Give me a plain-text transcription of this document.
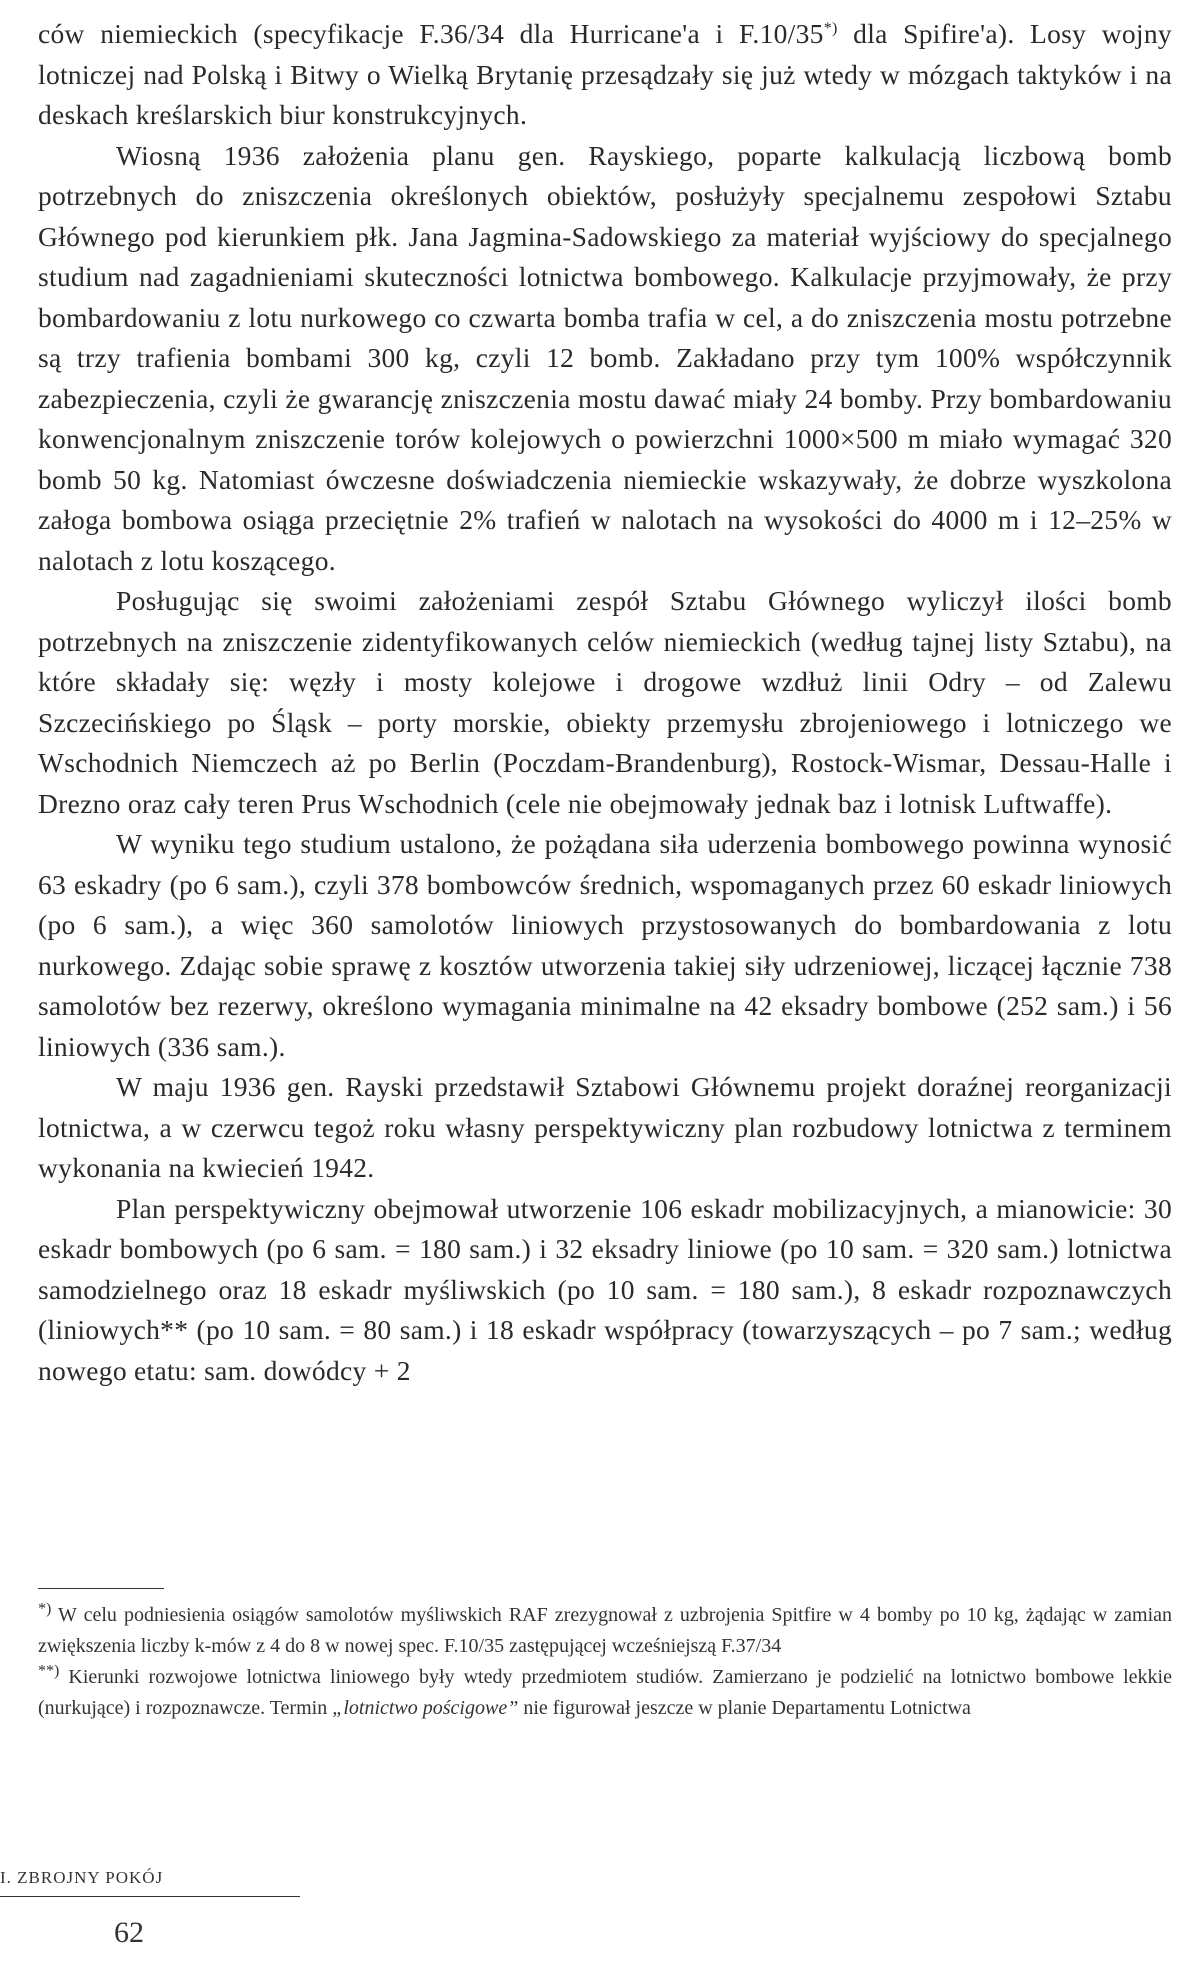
ców niemieckich (specyfikacje F.36/34 dla Hurricane'a i F.10/35*) dla Spifire'a). Losy wojny lotniczej nad Polską i Bitwy o Wielką Brytanię przesądzały się już wtedy w mózgach taktyków i na deskach kreślarskich biur konstrukcyjnych.

Wiosną 1936 założenia planu gen. Rayskiego, poparte kalkulacją liczbową bomb potrzebnych do zniszczenia określonych obiektów, posłużyły specjalnemu zespołowi Sztabu Głównego pod kierunkiem płk. Jana Jagmina-Sadowskiego za materiał wyjściowy do specjalnego studium nad zagadnieniami skuteczności lotnictwa bombowego. Kalkulacje przyjmowały, że przy bombardowaniu z lotu nurkowego co czwarta bomba trafia w cel, a do zniszczenia mostu potrzebne są trzy trafienia bombami 300 kg, czyli 12 bomb. Zakładano przy tym 100% współczynnik zabezpieczenia, czyli że gwarancję zniszczenia mostu dawać miały 24 bomby. Przy bombardowaniu konwencjonalnym zniszczenie torów kolejowych o powierzchni 1000×500 m miało wymagać 320 bomb 50 kg. Natomiast ówczesne doświadczenia niemieckie wskazywały, że dobrze wyszkolona załoga bombowa osiąga przeciętnie 2% trafień w nalotach na wysokości do 4000 m i 12–25% w nalotach z lotu koszącego.

Posługując się swoimi założeniami zespół Sztabu Głównego wyliczył ilości bomb potrzebnych na zniszczenie zidentyfikowanych celów niemieckich (według tajnej listy Sztabu), na które składały się: węzły i mosty kolejowe i drogowe wzdłuż linii Odry – od Zalewu Szczecińskiego po Śląsk – porty morskie, obiekty przemysłu zbrojeniowego i lotniczego we Wschodnich Niemczech aż po Berlin (Poczdam-Brandenburg), Rostock-Wismar, Dessau-Halle i Drezno oraz cały teren Prus Wschodnich (cele nie obejmowały jednak baz i lotnisk Luftwaffe).

W wyniku tego studium ustalono, że pożądana siła uderzenia bombowego powinna wynosić 63 eskadry (po 6 sam.), czyli 378 bombowców średnich, wspomaganych przez 60 eskadr liniowych (po 6 sam.), a więc 360 samolotów liniowych przystosowanych do bombardowania z lotu nurkowego. Zdając sobie sprawę z kosztów utworzenia takiej siły udrzeniowej, liczącej łącznie 738 samolotów bez rezerwy, określono wymagania minimalne na 42 eksadry bombowe (252 sam.) i 56 liniowych (336 sam.).

W maju 1936 gen. Rayski przedstawił Sztabowi Głównemu projekt doraźnej reorganizacji lotnictwa, a w czerwcu tegoż roku własny perspektywiczny plan rozbudowy lotnictwa z terminem wykonania na kwiecień 1942.

Plan perspektywiczny obejmował utworzenie 106 eskadr mobilizacyjnych, a mianowicie: 30 eskadr bombowych (po 6 sam. = 180 sam.) i 32 eksadry liniowe (po 10 sam. = 320 sam.) lotnictwa samodzielnego oraz 18 eskadr myśliwskich (po 10 sam. = 180 sam.), 8 eskadr rozpoznawczych (liniowych** (po 10 sam. = 80 sam.) i 18 eskadr współpracy (towarzyszących – po 7 sam.; według nowego etatu: sam. dowódcy + 2

*) W celu podniesienia osiągów samolotów myśliwskich RAF zrezygnował z uzbrojenia Spitfire w 4 bomby po 10 kg, żądając w zamian zwiększenia liczby k-mów z 4 do 8 w nowej spec. F.10/35 zastępującej wcześniejszą F.37/34

**) Kierunki rozwojowe lotnictwa liniowego były wtedy przedmiotem studiów. Zamierzano je podzielić na lotnictwo bombowe lekkie (nurkujące) i rozpoznawcze. Termin „lotnictwo pościgowe” nie figurował jeszcze w planie Departamentu Lotnictwa

I. ZBROJNY POKÓJ
62
